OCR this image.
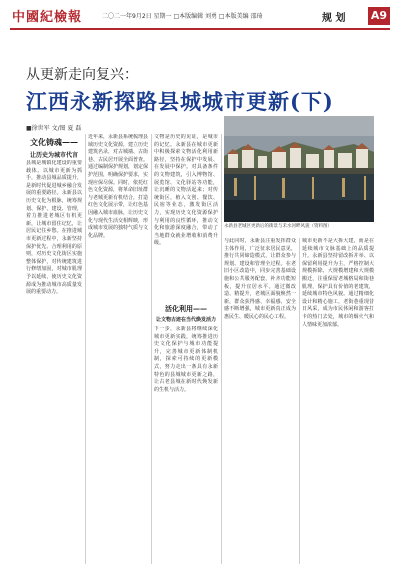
中國紀檢報	二〇二一年9月2日 星期一 □本版编辑 刘勇 □本版美编 邵琦	规 划 A9
从更新走向复兴：
江西永新探路县城城市更新(下)
■徐世军 文/图 夏 磊
文化铸魂——
让历史为城市代言
县城是城镇化建设的重要载体。以城市更新为抓手，推动县城品质提升，是新时代促进城乡融合发展的重要路径。永新县以历史文化为根脉，统筹规划、保护、建设、管理，着力推进老城区有机更新，让城市留住记忆，让居民记住乡愁。在推进城市更新过程中，永新坚持保护优先、合理利用的原则，对历史文化街区实施整体保护，对传统建筑进行修缮加固，对城市肌理予以延续，使历史文化资源成为推动城市高质量发展的重要动力。
近年来，永新县系统梳理县域历史文化资源，建立历史建筑名录，对古城墙、古街巷、古民居开展全面普查。通过编制保护规划，划定保护范围，明确保护要求，实现应保尽保。同时，依托红色文化资源，将革命旧址群与老城更新有机结合，打造红色文化展示带，让红色基因融入城市血脉，让历史文化与现代生活交相辉映，形成城市发展的独特气质与文化品牌。
文物是历史的见证，是城市的记忆。永新县在城市更新中积极探索文物活化利用新路径，坚持在保护中发展、在发展中保护。对具备条件的文物建筑，引入博物馆、展览馆、文化驿站等功能，让沉睡的文物活起来；对传统街区，植入文创、餐饮、民宿等业态，激发街区活力，实现历史文化资源保护与利用的良性循环，推动文化和旅游深度融合，带动了当地群众就业增收和消费升级。
活化利用——
让文物古迹在当代焕发活力
下一步，永新县将继续深化城市更新实践，统筹推进历史文化保护与城市功能提升，完善城市更新体制机制，探索可持续的更新模式，努力走出一条具有永新特色的县城城市更新之路，让古老县城在新时代焕发新的生机与活力。
永新县老城区更新后的街景与禾水河畔风貌（资料图）
与此同时，永新县注重发挥群众主体作用，广泛征求居民意见，推行共同缔造模式，让群众参与规划、建设和管理全过程。在老旧小区改造中，同步完善基础设施和公共服务配套，补齐功能短板，提升宜居水平。通过微改造、精提升，老城区面貌焕然一新，群众获得感、幸福感、安全感不断增强，城市更新真正成为惠民生、暖民心的民心工程。
城市更新不是大拆大建，而是在延续城市文脉基础上的品质提升。永新县坚持留改拆并举、以保留利用提升为主，严格控制大规模拆除、大规模增建和大规模搬迁，注重保留老城格局和街巷肌理，保护具有价值的老建筑，延续城市特色风貌。通过精细化设计和精心施工，老街巷重现昔日风采，成为市民休闲和游客打卡的热门去处，城市的烟火气和人情味更加浓郁。
